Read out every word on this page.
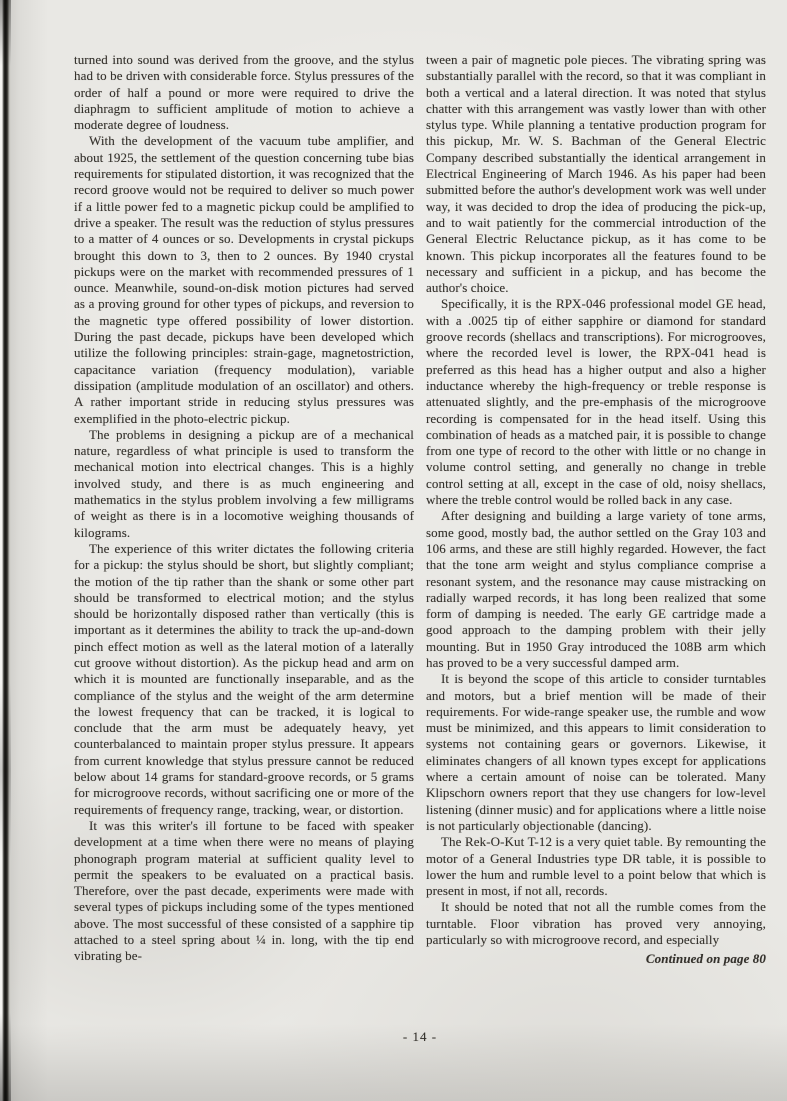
turned into sound was derived from the groove, and the stylus had to be driven with considerable force. Stylus pressures of the order of half a pound or more were required to drive the diaphragm to sufficient amplitude of motion to achieve a moderate degree of loudness.

With the development of the vacuum tube amplifier, and about 1925, the settlement of the question concerning tube bias requirements for stipulated distortion, it was recognized that the record groove would not be required to deliver so much power if a little power fed to a magnetic pickup could be amplified to drive a speaker. The result was the reduction of stylus pressures to a matter of 4 ounces or so. Developments in crystal pickups brought this down to 3, then to 2 ounces. By 1940 crystal pickups were on the market with recommended pressures of 1 ounce. Meanwhile, sound-on-disk motion pictures had served as a proving ground for other types of pickups, and reversion to the magnetic type offered possibility of lower distortion. During the past decade, pickups have been developed which utilize the following principles: strain-gage, magnetostriction, capacitance variation (frequency modulation), variable dissipation (amplitude modulation of an oscillator) and others. A rather important stride in reducing stylus pressures was exemplified in the photo-electric pickup.

The problems in designing a pickup are of a mechanical nature, regardless of what principle is used to transform the mechanical motion into electrical changes. This is a highly involved study, and there is as much engineering and mathematics in the stylus problem involving a few milligrams of weight as there is in a locomotive weighing thousands of kilograms.

The experience of this writer dictates the following criteria for a pickup: the stylus should be short, but slightly compliant; the motion of the tip rather than the shank or some other part should be transformed to electrical motion; and the stylus should be horizontally disposed rather than vertically (this is important as it determines the ability to track the up-and-down pinch effect motion as well as the lateral motion of a laterally cut groove without distortion). As the pickup head and arm on which it is mounted are functionally inseparable, and as the compliance of the stylus and the weight of the arm determine the lowest frequency that can be tracked, it is logical to conclude that the arm must be adequately heavy, yet counterbalanced to maintain proper stylus pressure. It appears from current knowledge that stylus pressure cannot be reduced below about 14 grams for standard-groove records, or 5 grams for microgroove records, without sacrificing one or more of the requirements of frequency range, tracking, wear, or distortion.

It was this writer's ill fortune to be faced with speaker development at a time when there were no means of playing phonograph program material at sufficient quality level to permit the speakers to be evaluated on a practical basis. Therefore, over the past decade, experiments were made with several types of pickups including some of the types mentioned above. The most successful of these consisted of a sapphire tip attached to a steel spring about ¼ in. long, with the tip end vibrating be-

tween a pair of magnetic pole pieces. The vibrating spring was substantially parallel with the record, so that it was compliant in both a vertical and a lateral direction. It was noted that stylus chatter with this arrangement was vastly lower than with other stylus type. While planning a tentative production program for this pickup, Mr. W. S. Bachman of the General Electric Company described substantially the identical arrangement in Electrical Engineering of March 1946. As his paper had been submitted before the author's development work was well under way, it was decided to drop the idea of producing the pick-up, and to wait patiently for the commercial introduction of the General Electric Reluctance pickup, as it has come to be known. This pickup incorporates all the features found to be necessary and sufficient in a pickup, and has become the author's choice.

Specifically, it is the RPX-046 professional model GE head, with a .0025 tip of either sapphire or diamond for standard groove records (shellacs and transcriptions). For microgrooves, where the recorded level is lower, the RPX-041 head is preferred as this head has a higher output and also a higher inductance whereby the high-frequency or treble response is attenuated slightly, and the pre-emphasis of the microgroove recording is compensated for in the head itself. Using this combination of heads as a matched pair, it is possible to change from one type of record to the other with little or no change in volume control setting, and generally no change in treble control setting at all, except in the case of old, noisy shellacs, where the treble control would be rolled back in any case.

After designing and building a large variety of tone arms, some good, mostly bad, the author settled on the Gray 103 and 106 arms, and these are still highly regarded. However, the fact that the tone arm weight and stylus compliance comprise a resonant system, and the resonance may cause mistracking on radially warped records, it has long been realized that some form of damping is needed. The early GE cartridge made a good approach to the damping problem with their jelly mounting. But in 1950 Gray introduced the 108B arm which has proved to be a very successful damped arm.

It is beyond the scope of this article to consider turntables and motors, but a brief mention will be made of their requirements. For wide-range speaker use, the rumble and wow must be minimized, and this appears to limit consideration to systems not containing gears or governors. Likewise, it eliminates changers of all known types except for applications where a certain amount of noise can be tolerated. Many Klipschorn owners report that they use changers for low-level listening (dinner music) and for applications where a little noise is not particularly objectionable (dancing).

The Rek-O-Kut T-12 is a very quiet table. By remounting the motor of a General Industries type DR table, it is possible to lower the hum and rumble level to a point below that which is present in most, if not all, records.

It should be noted that not all the rumble comes from the turntable. Floor vibration has proved very annoying, particularly so with microgroove record, and especially

Continued on page 80
- 14 -
